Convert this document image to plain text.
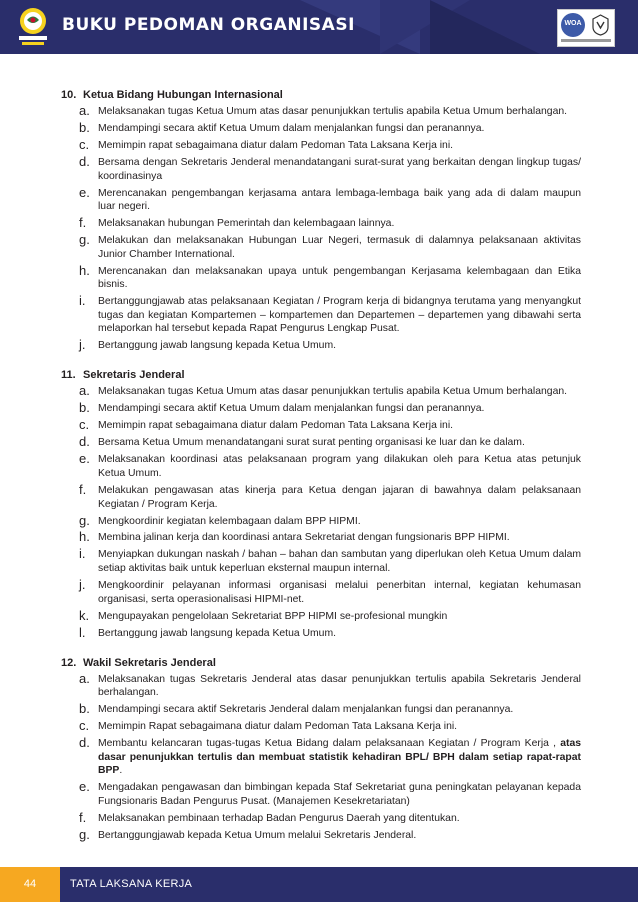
BUKU PEDOMAN ORGANISASI	WOA
10. Ketua Bidang Hubungan Internasional
a. Melaksanakan tugas Ketua Umum atas dasar penunjukkan tertulis apabila Ketua Umum berhalangan.
b. Mendampingi secara aktif Ketua Umum dalam menjalankan fungsi dan peranannya.
c. Memimpin rapat sebagaimana diatur dalam Pedoman Tata Laksana Kerja ini.
d. Bersama dengan Sekretaris Jenderal menandatangani surat-surat yang berkaitan dengan lingkup tugas/ koordinasinya
e. Merencanakan pengembangan kerjasama antara lembaga-lembaga baik yang ada di dalam maupun luar negeri.
f. Melaksanakan hubungan Pemerintah dan kelembagaan lainnya.
g. Melakukan dan melaksanakan Hubungan Luar Negeri, termasuk di dalamnya pelaksanaan aktivitas Junior Chamber International.
h. Merencanakan dan melaksanakan upaya untuk pengembangan Kerjasama kelembagaan dan Etika bisnis.
i. Bertanggungjawab atas pelaksanaan Kegiatan / Program kerja di bidangnya terutama yang menyangkut tugas dan kegiatan Kompartemen – kompartemen dan Departemen – departemen yang dibawahi serta melaporkan hal tersebut kepada Rapat Pengurus Lengkap Pusat.
j. Bertanggung jawab langsung kepada Ketua Umum.
11. Sekretaris Jenderal
a. Melaksanakan tugas Ketua Umum atas dasar penunjukkan tertulis apabila Ketua Umum berhalangan.
b. Mendampingi secara aktif Ketua Umum dalam menjalankan fungsi dan peranannya.
c. Memimpin rapat sebagaimana diatur dalam Pedoman Tata Laksana Kerja ini.
d. Bersama Ketua Umum menandatangani surat surat penting organisasi ke luar dan ke dalam.
e. Melaksanakan koordinasi atas pelaksanaan program yang dilakukan oleh para Ketua atas petunjuk Ketua Umum.
f. Melakukan pengawasan atas kinerja para Ketua dengan jajaran di bawahnya dalam pelaksanaan Kegiatan / Program Kerja.
g. Mengkoordinir kegiatan kelembagaan dalam BPP HIPMI.
h. Membina jalinan kerja dan koordinasi antara Sekretariat dengan fungsionaris BPP HIPMI.
i. Menyiapkan dukungan naskah / bahan – bahan dan sambutan yang diperlukan oleh Ketua Umum dalam setiap aktivitas baik untuk keperluan eksternal maupun internal.
j. Mengkoordinir pelayanan informasi organisasi melalui penerbitan internal, kegiatan kehumasan organisasi, serta operasionalisasi HIPMI-net.
k. Mengupayakan pengelolaan Sekretariat BPP HIPMI se-profesional mungkin
l. Bertanggung jawab langsung kepada Ketua Umum.
12. Wakil Sekretaris Jenderal
a. Melaksanakan tugas Sekretaris Jenderal atas dasar penunjukkan tertulis apabila Sekretaris Jenderal berhalangan.
b. Mendampingi secara aktif Sekretaris Jenderal dalam menjalankan fungsi dan peranannya.
c. Memimpin Rapat sebagaimana diatur dalam Pedoman Tata Laksana Kerja ini.
d. Membantu kelancaran tugas-tugas Ketua Bidang dalam pelaksanaan Kegiatan / Program Kerja , atas dasar penunjukkan tertulis dan membuat statistik kehadiran BPL/ BPH dalam setiap rapat-rapat BPP.
e. Mengadakan pengawasan dan bimbingan kepada Staf Sekretariat guna peningkatan pelayanan kepada Fungsionaris Badan Pengurus Pusat. (Manajemen Kesekretariatan)
f. Melaksanakan pembinaan terhadap Badan Pengurus Daerah yang ditentukan.
g. Bertanggungjawab kepada Ketua Umum melalui Sekretaris Jenderal.
44	TATA LAKSANA KERJA
